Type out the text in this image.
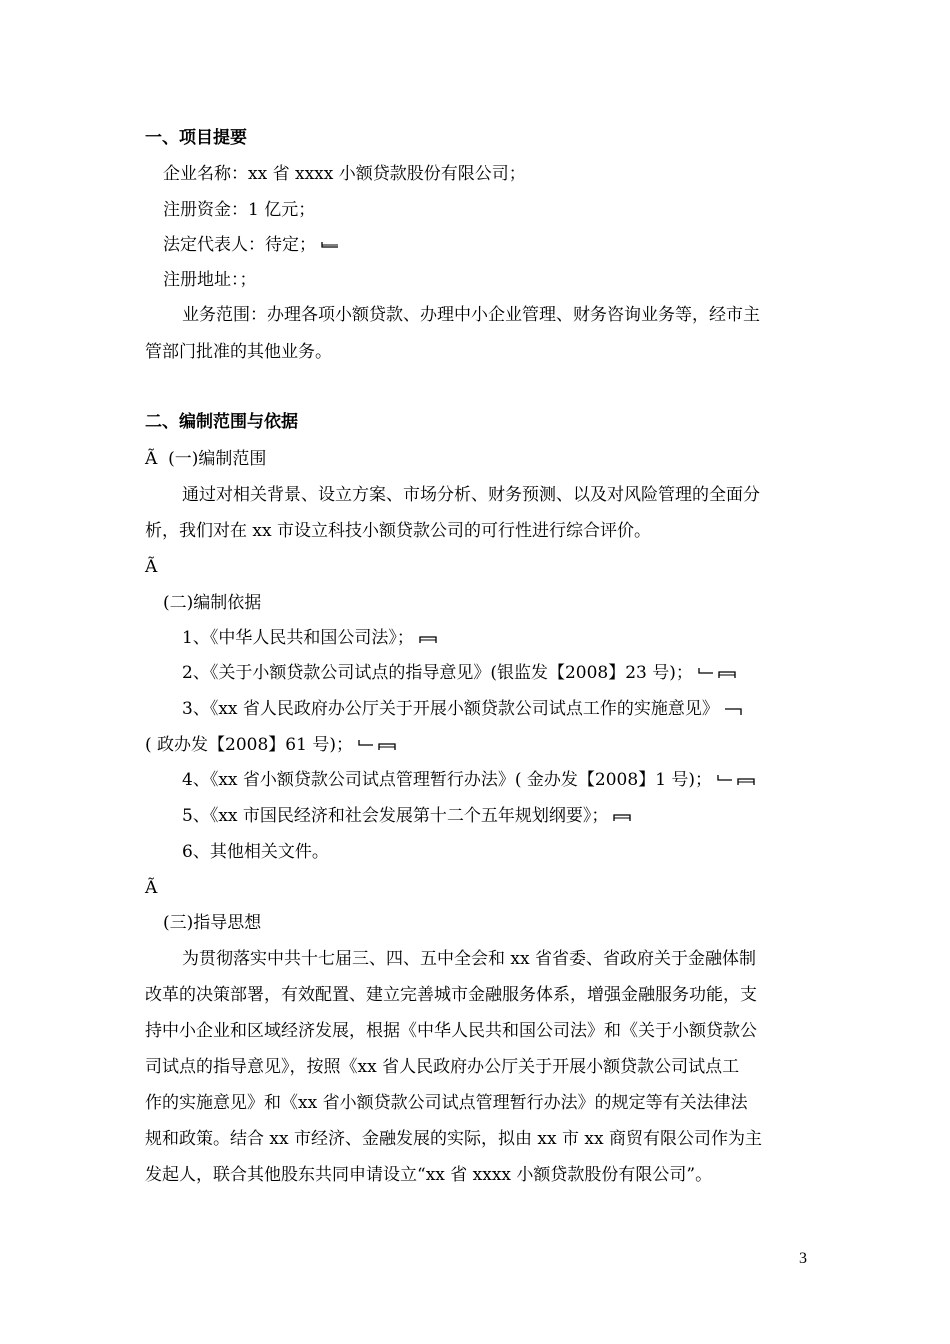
一、项目提要
企业名称：xx 省 xxxx 小额贷款股份有限公司；
注册资金：1 亿元；
法定代表人：待定；
注册地址：；
业务范围：办理各项小额贷款、办理中小企业管理、财务咨询业务等，经市主
管部门批准的其他业务。
二、编制范围与依据
Ã (一)编制范围
通过对相关背景、设立方案、市场分析、财务预测、以及对风险管理的全面分
析，我们对在 xx 市设立科技小额贷款公司的可行性进行综合评价。
Ã
(二)编制依据
1、《中华人民共和国公司法》；
2、《关于小额贷款公司试点的指导意见》(银监发【2008】23 号)；
3、《xx 省人民政府办公厅关于开展小额贷款公司试点工作的实施意见》
( 政办发【2008】61 号)；
4、《xx 省小额贷款公司试点管理暂行办法》( 金办发【2008】1 号)；
5、《xx 市国民经济和社会发展第十二个五年规划纲要》；
6、其他相关文件。
Ã
(三)指导思想
为贯彻落实中共十七届三、四、五中全会和 xx 省省委、省政府关于金融体制
改革的决策部署，有效配置、建立完善城市金融服务体系，增强金融服务功能，支
持中小企业和区域经济发展，根据《中华人民共和国公司法》和《关于小额贷款公
司试点的指导意见》，按照《xx 省人民政府办公厅关于开展小额贷款公司试点工
作的实施意见》和《xx 省小额贷款公司试点管理暂行办法》的规定等有关法律法
规和政策。结合 xx 市经济、金融发展的实际，拟由 xx 市 xx 商贸有限公司作为主
发起人，联合其他股东共同申请设立“xx 省 xxxx 小额贷款股份有限公司”。
3
